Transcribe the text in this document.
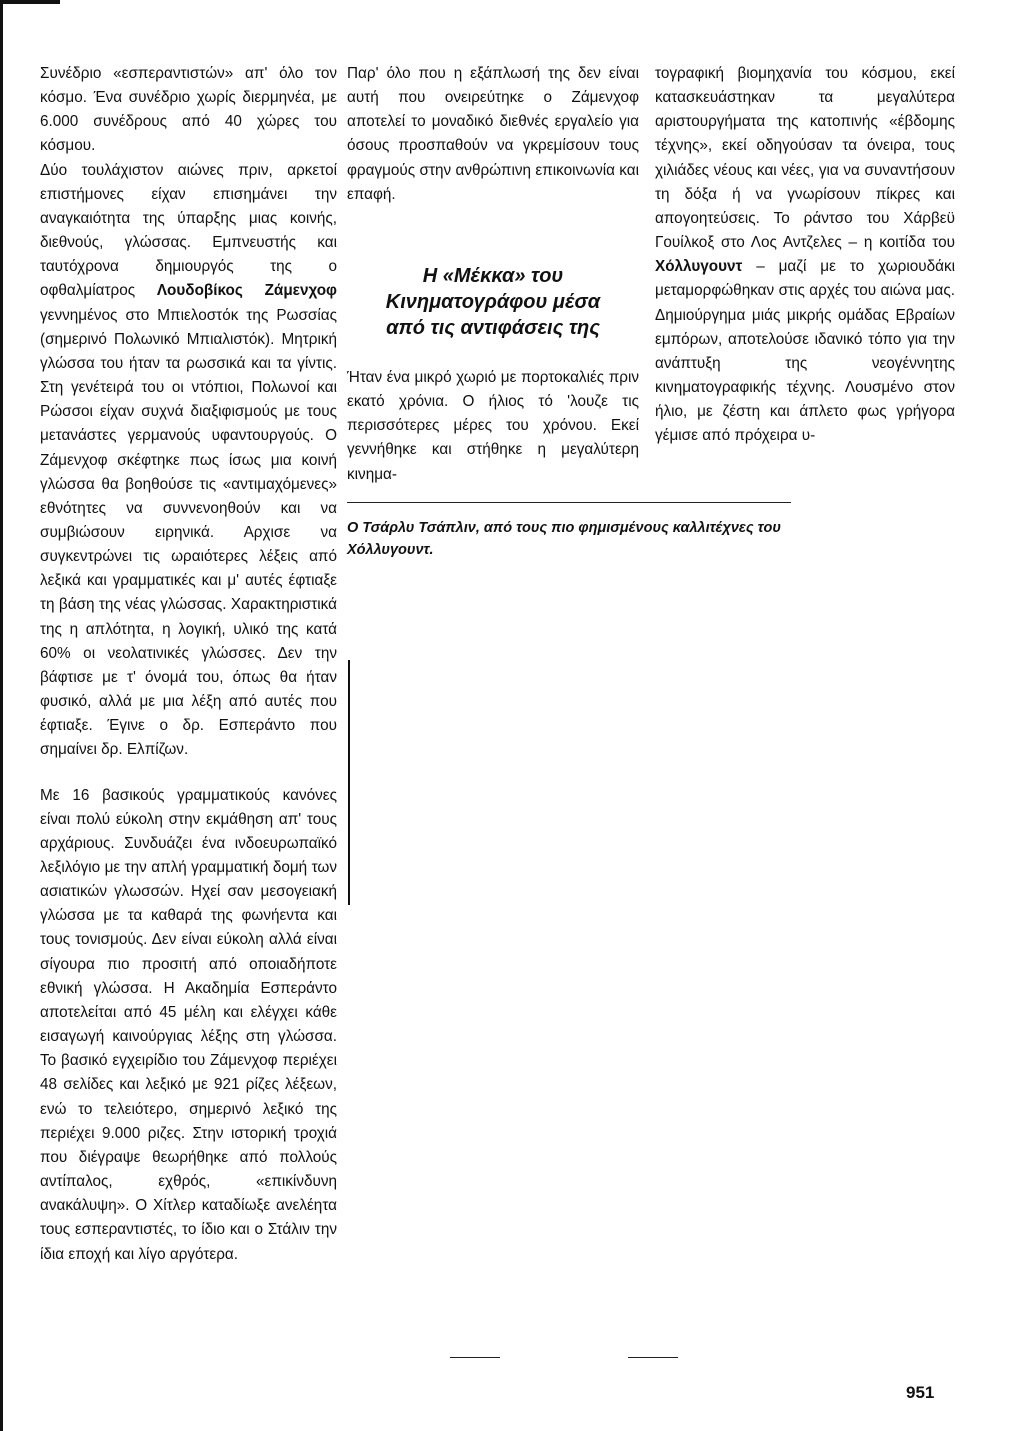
Συνέδριο «εσπεραντιστών» απ' όλο τον κόσμο. Ένα συνέδριο χωρίς διερμηνέα, με 6.000 συνέδρους από 40 χώρες του κόσμου.

Δύο τουλάχιστον αιώνες πριν, αρκετοί επιστήμονες είχαν επισημάνει την αναγκαιότητα της ύπαρξης μιας κοινής, διεθνούς, γλώσσας. Εμπνευστής και ταυτόχρονα δημιουργός της ο οφθαλμίατρος Λουδοβίκος Ζάμενχοφ γεννημένος στο Μπιελοστόκ της Ρωσσίας (σημερινό Πολωνικό Μπιαλιστόκ). Μητρική γλώσσα του ήταν τα ρωσσικά και τα γίντις. Στη γενέτειρά του οι ντόπιοι, Πολωνοί και Ρώσσοι είχαν συχνά διαξιφισμούς με τους μετανάστες γερμανούς υφαντουργούς. Ο Ζάμενχοφ σκέφτηκε πως ίσως μια κοινή γλώσσα θα βοηθούσε τις «αντιμαχόμενες» εθνότητες να συννενοηθούν και να συμβιώσουν ειρηνικά. Αρχισε να συγκεντρώνει τις ωραιότερες λέξεις από λεξικά και γραμματικές και μ' αυτές έφτιαξε τη βάση της νέας γλώσσας. Χαρακτηριστικά της η απλότητα, η λογική, υλικό της κατά 60% οι νεολατινικές γλώσσες. Δεν την βάφτισε με τ' όνομά του, όπως θα ήταν φυσικό, αλλά με μια λέξη από αυτές που έφτιαξε. Έγινε ο δρ. Εσπεράντο που σημαίνει δρ. Ελπίζων.

Με 16 βασικούς γραμματικούς κανόνες είναι πολύ εύκολη στην εκμάθηση απ' τους αρχάριους. Συνδυάζει ένα ινδοευρωπαϊκό λεξιλόγιο με την απλή γραμματική δομή των ασιατικών γλωσσών. Ηχεί σαν μεσογειακή γλώσσα με τα καθαρά της φωνήεντα και τους τονισμούς. Δεν είναι εύκολη αλλά είναι σίγουρα πιο προσιτή από οποιαδήποτε εθνική γλώσσα. Η Ακαδημία Εσπεράντο αποτελείται από 45 μέλη και ελέγχει κάθε εισαγωγή καινούργιας λέξης στη γλώσσα. Το βασικό εγχειρίδιο του Ζάμενχοφ περιέχει 48 σελίδες και λεξικό με 921 ρίζες λέξεων, ενώ το τελειότερο, σημερινό λεξικό της περιέχει 9.000 ριζες. Στην ιστορική τροχιά που διέγραψε θεωρήθηκε από πολλούς αντίπαλος, εχθρός, «επικίνδυνη ανακάλυψη». Ο Χίτλερ καταδίωξε ανελέητα τους εσπεραντιστές, το ίδιο και ο Στάλιν την ίδια εποχή και λίγο αργότερα.

Παρ' όλο που η εξάπλωσή της δεν είναι αυτή που ονειρεύτηκε ο Ζάμενχοφ αποτελεί το μοναδικό διεθνές εργαλείο για όσους προσπαθούν να γκρεμίσουν τους φραγμούς στην ανθρώπινη επικοινωνία και επαφή.

Η «Μέκκα» του
Κινηματογράφου μέσα
από τις αντιφάσεις της

Ήταν ένα μικρό χωριό με πορτοκαλιές πριν εκατό χρόνια. Ο ήλιος τό 'λουζε τις περισσότερες μέρες του χρόνου. Εκεί γεννήθηκε και στήθηκε η μεγαλύτερη κινημα-

τογραφική βιομηχανία του κόσμου, εκεί κατασκευάστηκαν τα μεγαλύτερα αριστουργήματα της κατοπινής «έβδομης τέχνης», εκεί οδηγούσαν τα όνειρα, τους χιλιάδες νέους και νέες, για να συναντήσουν τη δόξα ή να γνωρίσουν πίκρες και απογοητεύσεις. Το ράντσο του Χάρβεϋ Γουίλκοξ στο Λος Αντζελες – η κοιτίδα του Χόλλυγουντ – μαζί με το χωριουδάκι μεταμορφώθηκαν στις αρχές του αιώνα μας. Δημιούργημα μιάς μικρής ομάδας Εβραίων εμπόρων, αποτελούσε ιδανικό τόπο για την ανάπτυξη της νεογέννητης κινηματογραφικής τέχνης. Λουσμένο στον ήλιο, με ζέστη και άπλετο φως γρήγορα γέμισε από πρόχειρα υ-

Ο Τσάρλυ Τσάπλιν, από τους πιο φημισμένους καλλιτέχνες του Χόλλυγουντ.
951
